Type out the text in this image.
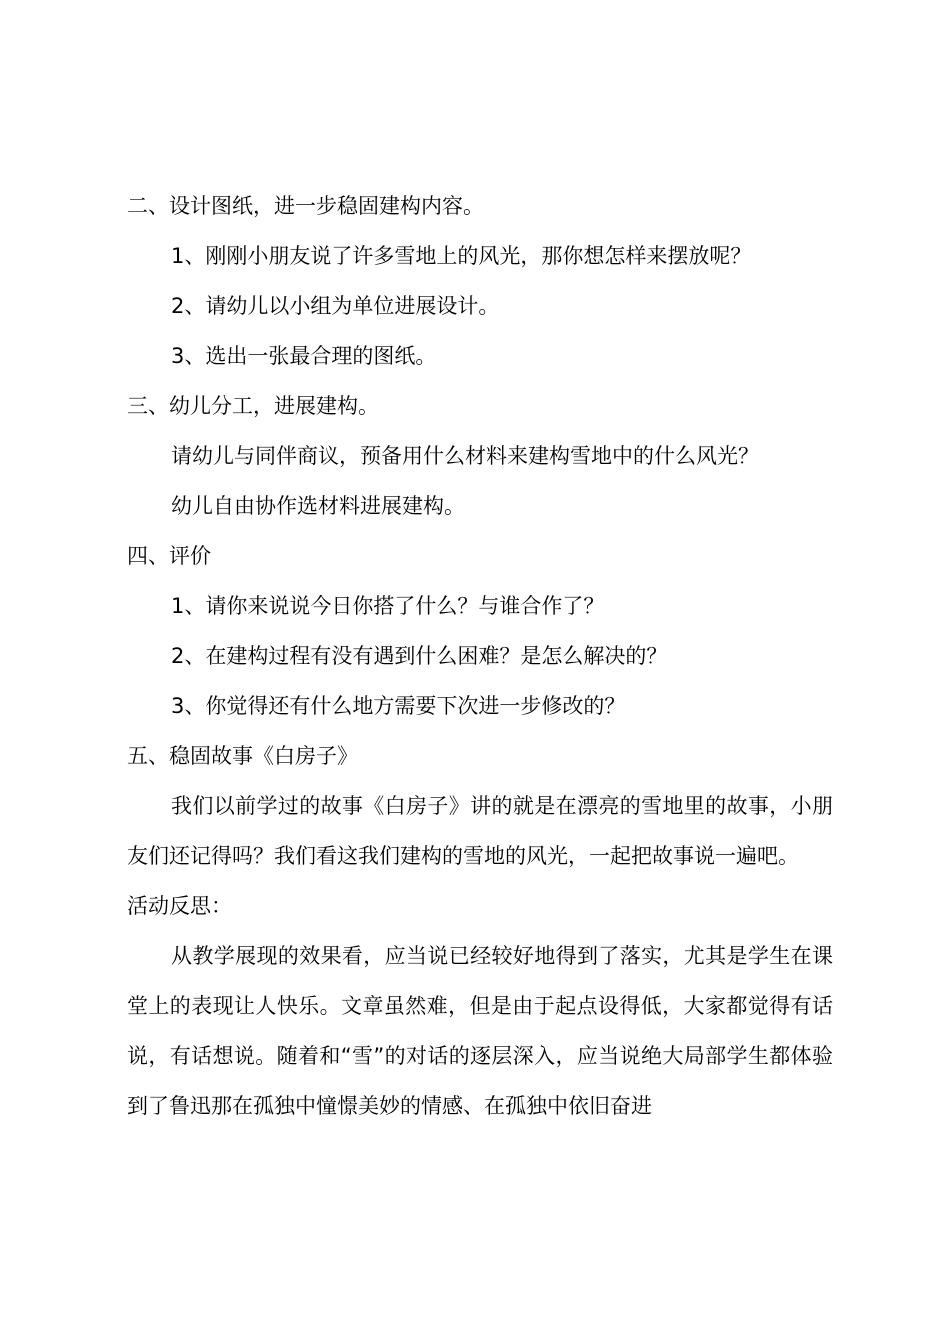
二、设计图纸，进一步稳固建构内容。

1、刚刚小朋友说了许多雪地上的风光，那你想怎样来摆放呢？

2、请幼儿以小组为单位进展设计。

3、选出一张最合理的图纸。

三、幼儿分工，进展建构。

请幼儿与同伴商议，预备用什么材料来建构雪地中的什么风光？

幼儿自由协作选材料进展建构。

四、评价

1、请你来说说今日你搭了什么？与谁合作了？

2、在建构过程有没有遇到什么困难？是怎么解决的？

3、你觉得还有什么地方需要下次进一步修改的？

五、稳固故事《白房子》

我们以前学过的故事《白房子》讲的就是在漂亮的雪地里的故事，小朋友们还记得吗？我们看这我们建构的雪地的风光，一起把故事说一遍吧。

活动反思：

从教学展现的效果看，应当说已经较好地得到了落实，尤其是学生在课堂上的表现让人快乐。文章虽然难，但是由于起点设得低，大家都觉得有话说，有话想说。随着和“雪”的对话的逐层深入，应当说绝大局部学生都体验到了鲁迅那在孤独中憧憬美妙的情感、在孤独中依旧奋进
